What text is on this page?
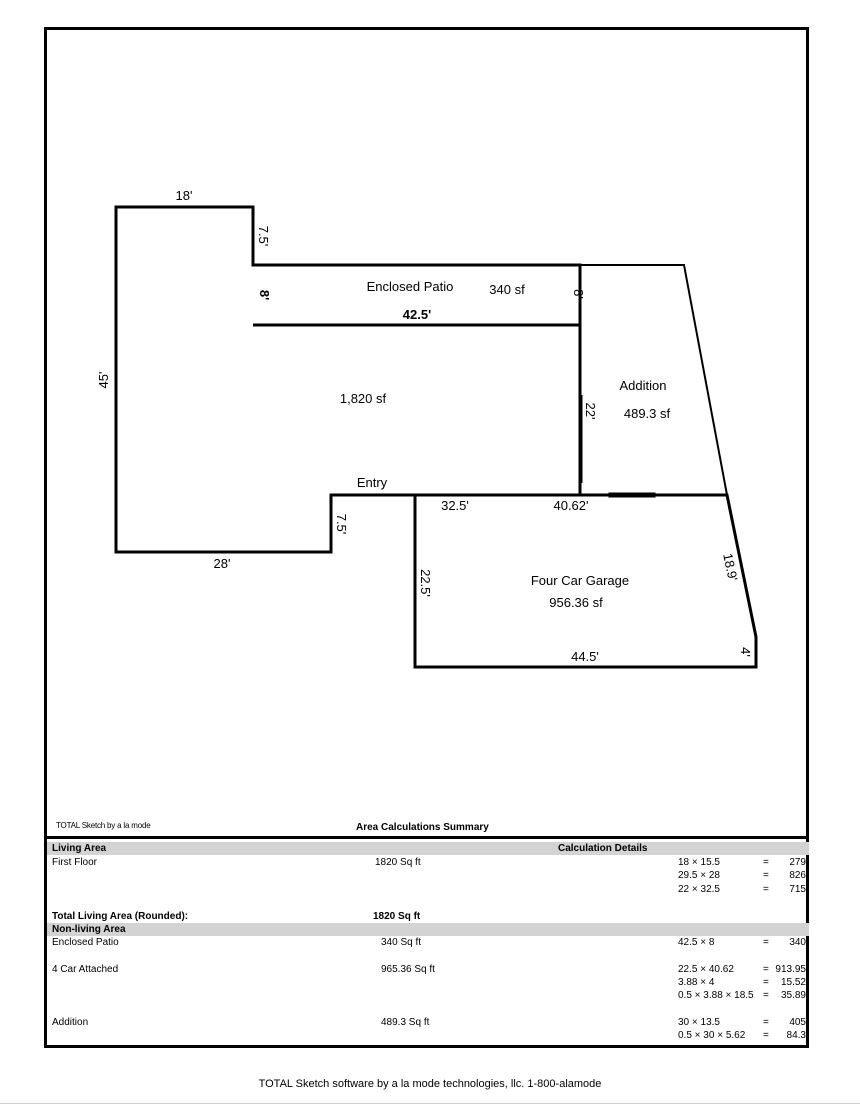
18'
7.5'
8'	8'
42.5'
45'
22'
32.5'	40.62'
7.5'
28'
22.5'
18.9'
4'
44.5'
Enclosed Patio	340 sf
1,820 sf
Addition
489.3 sf
Entry
Four Car Garage
956.36 sf
TOTAL Sketch by a la mode	Area Calculations Summary
Living Area	Calculation Details
First Floor	1820 Sq ft	18 × 15.5	= 279
29.5 × 28	= 826
22 × 32.5	= 715
Total Living Area (Rounded):	1820 Sq ft
Non-living Area
Enclosed Patio	340 Sq ft	42.5 × 8	= 340
4 Car Attached	965.36 Sq ft	22.5 × 40.62	= 913.95
3.88 × 4	= 15.52
0.5 × 3.88 × 18.5 = 35.89
Addition	489.3 Sq ft	30 × 13.5	= 405
0.5 × 30 × 5.62 = 84.3
TOTAL Sketch software by a la mode technologies, llc. 1-800-alamode
